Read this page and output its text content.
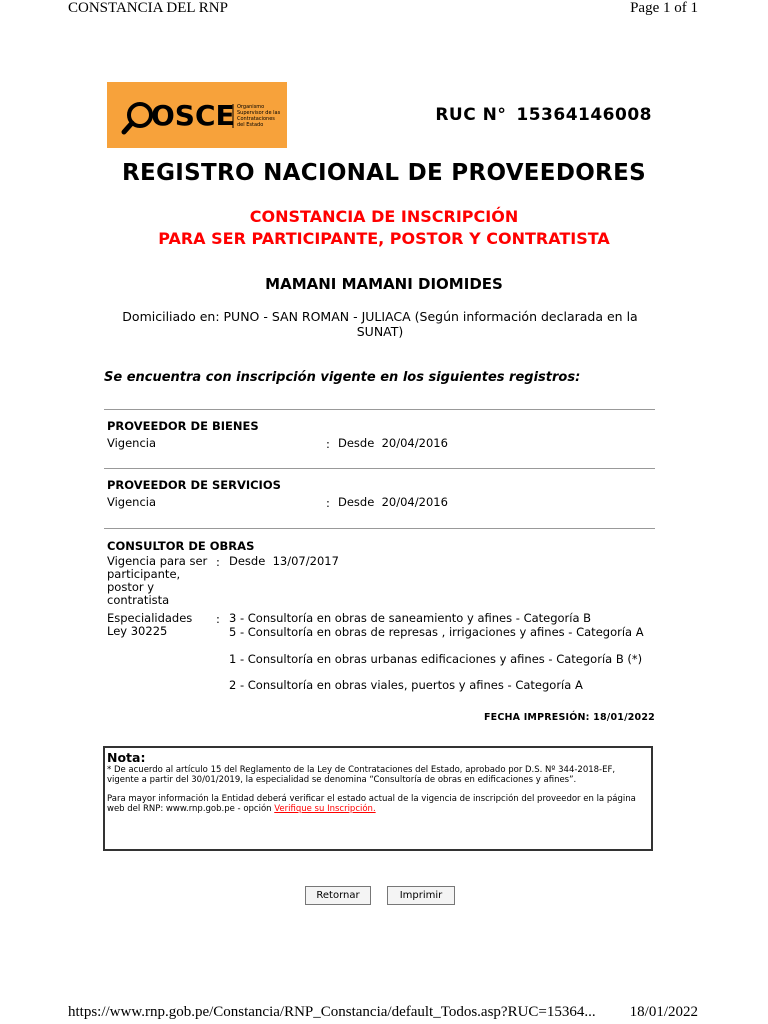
CONSTANCIA DEL RNP	Page 1 of 1
OSCE Organismo
Supervisor de las
Contrataciones
del Estado	RUC N° 15364146008
REGISTRO NACIONAL DE PROVEEDORES
CONSTANCIA DE INSCRIPCIÓN
PARA SER PARTICIPANTE, POSTOR Y CONTRATISTA
MAMANI MAMANI DIOMIDES
Domiciliado en: PUNO - SAN ROMAN - JULIACA (Según información declarada en la SUNAT)
Se encuentra con inscripción vigente en los siguientes registros:
PROVEEDOR DE BIENES
Vigencia	: Desde  20/04/2016
PROVEEDOR DE SERVICIOS
Vigencia	: Desde  20/04/2016
CONSULTOR DE OBRAS
Vigencia para ser participante, postor y contratista
: Desde  13/07/2017
Especialidades Ley 30225
: 3 - Consultoría en obras de saneamiento y afines - Categoría B
5 - Consultoría en obras de represas , irrigaciones y afines - Categoría A
1 - Consultoría en obras urbanas edificaciones y afines - Categoría B (*)
2 - Consultoría en obras viales, puertos y afines - Categoría A
FECHA IMPRESIÓN: 18/01/2022
Nota:

* De acuerdo al artículo 15 del Reglamento de la Ley de Contrataciones del Estado, aprobado por D.S. Nº 344-2018-EF, vigente a partir del 30/01/2019, la especialidad se denomina “Consultoría de obras en edificaciones y afines”.

Para mayor información la Entidad deberá verificar el estado actual de la vigencia de inscripción del proveedor en la página web del RNP: www.rnp.gob.pe - opción Verifique su Inscripción.

Retornar	Imprimir
https://www.rnp.gob.pe/Constancia/RNP_Constancia/default_Todos.asp?RUC=15364... 18/01/2022
